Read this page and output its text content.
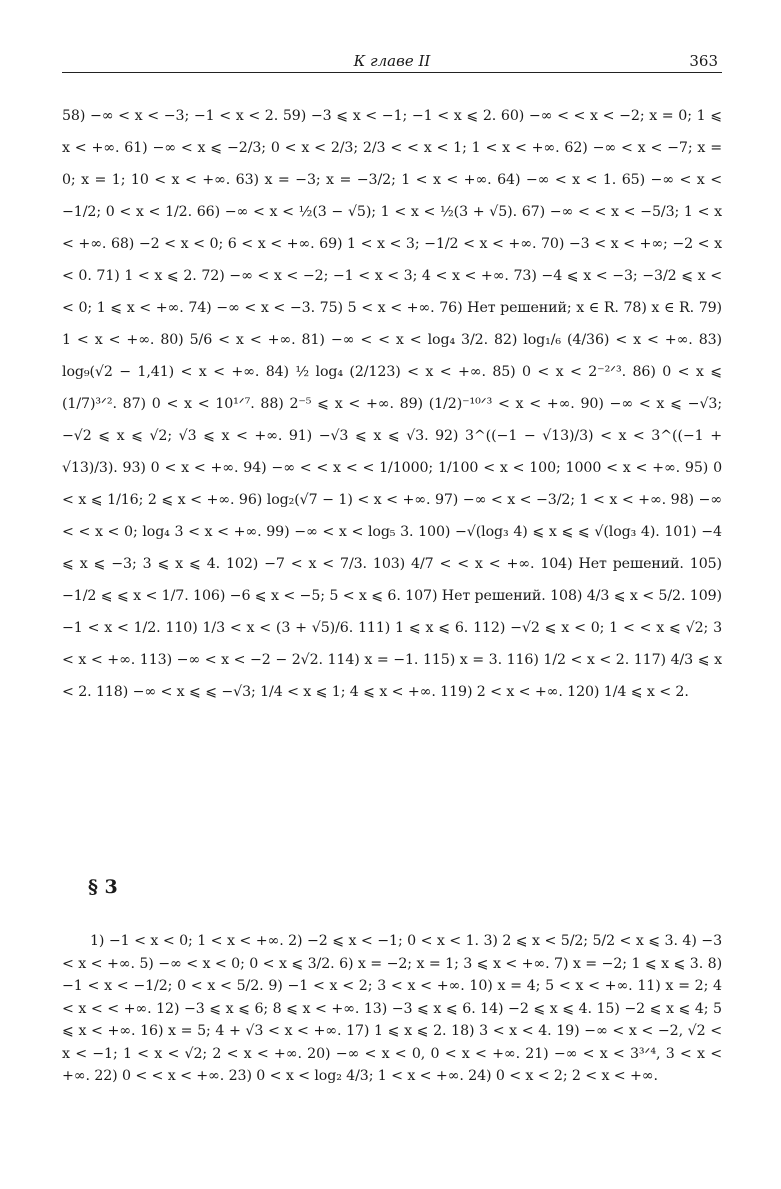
К главе II	363

58) −∞ < x < −3; −1 < x < 2. 59) −3 ⩽ x < −1; −1 < x ⩽ 2. 60) −∞ < < x < −2; x = 0; 1 ⩽ x < +∞. 61) −∞ < x ⩽ −2/3; 0 < x < 2/3; 2/3 < < x < 1; 1 < x < +∞. 62) −∞ < x < −7; x = 0; x = 1; 10 < x < +∞. 63) x = −3; x = −3/2; 1 < x < +∞. 64) −∞ < x < 1. 65) −∞ < x < −1/2; 0 < x < 1/2. 66) −∞ < x < ½(3 − √5); 1 < x < ½(3 + √5). 67) −∞ < < x < −5/3; 1 < x < +∞. 68) −2 < x < 0; 6 < x < +∞. 69) 1 < x < 3; −1/2 < x < +∞. 70) −3 < x < +∞; −2 < x < 0. 71) 1 < x ⩽ 2. 72) −∞ < x < −2; −1 < x < 3; 4 < x < +∞. 73) −4 ⩽ x < −3; −3/2 ⩽ x < < 0; 1 ⩽ x < +∞. 74) −∞ < x < −3. 75) 5 < x < +∞. 76) Нет решений; x ∈ R. 78) x ∈ R. 79) 1 < x < +∞. 80) 5/6 < x < +∞. 81) −∞ < < x < log₄ 3/2. 82) log₁/₆ (4/36) < x < +∞. 83) log₉(√2 − 1,41) < x < +∞. 84) ½ log₄ (2/123) < x < +∞. 85) 0 < x < 2⁻²ᐟ³. 86) 0 < x ⩽ (1/7)³ᐟ². 87) 0 < x < 10¹ᐟ⁷. 88) 2⁻⁵ ⩽ x < +∞. 89) (1/2)⁻¹⁰ᐟ³ < x < +∞. 90) −∞ < x ⩽ −√3; −√2 ⩽ x ⩽ √2; √3 ⩽ x < +∞. 91) −√3 ⩽ x ⩽ √3. 92) 3^((−1 − √13)/3) < x < 3^((−1 + √13)/3). 93) 0 < x < +∞. 94) −∞ < < x < < 1/1000; 1/100 < x < 100; 1000 < x < +∞. 95) 0 < x ⩽ 1/16; 2 ⩽ x < +∞. 96) log₂(√7 − 1) < x < +∞. 97) −∞ < x < −3/2; 1 < x < +∞. 98) −∞ < < x < 0; log₄ 3 < x < +∞. 99) −∞ < x < log₅ 3. 100) −√(log₃ 4) ⩽ x ⩽ ⩽ √(log₃ 4). 101) −4 ⩽ x ⩽ −3; 3 ⩽ x ⩽ 4. 102) −7 < x < 7/3. 103) 4/7 < < x < +∞. 104) Нет решений. 105) −1/2 ⩽ ⩽ x < 1/7. 106) −6 ⩽ x < −5; 5 < x ⩽ 6. 107) Нет решений. 108) 4/3 ⩽ x < 5/2. 109) −1 < x < 1/2. 110) 1/3 < x < (3 + √5)/6. 111) 1 ⩽ x ⩽ 6. 112) −√2 ⩽ x < 0; 1 < < x ⩽ √2; 3 < x < +∞. 113) −∞ < x < −2 − 2√2. 114) x = −1. 115) x = 3. 116) 1/2 < x < 2. 117) 4/3 ⩽ x < 2. 118) −∞ < x ⩽ ⩽ −√3; 1/4 < x ⩽ 1; 4 ⩽ x < +∞. 119) 2 < x < +∞. 120) 1/4 ⩽ x < 2.

§ 3

1) −1 < x < 0; 1 < x < +∞. 2) −2 ⩽ x < −1; 0 < x < 1. 3) 2 ⩽ x < 5/2; 5/2 < x ⩽ 3. 4) −3 < x < +∞. 5) −∞ < x < 0; 0 < x ⩽ 3/2. 6) x = −2; x = 1; 3 ⩽ x < +∞. 7) x = −2; 1 ⩽ x ⩽ 3. 8) −1 < x < −1/2; 0 < x < 5/2. 9) −1 < x < 2; 3 < x < +∞. 10) x = 4; 5 < x < +∞. 11) x = 2; 4 < x < < +∞. 12) −3 ⩽ x ⩽ 6; 8 ⩽ x < +∞. 13) −3 ⩽ x ⩽ 6. 14) −2 ⩽ x ⩽ 4. 15) −2 ⩽ x ⩽ 4; 5 ⩽ x < +∞. 16) x = 5; 4 + √3 < x < +∞. 17) 1 ⩽ x ⩽ 2. 18) 3 < x < 4. 19) −∞ < x < −2, √2 < x < −1; 1 < x < √2; 2 < x < +∞. 20) −∞ < x < 0, 0 < x < +∞. 21) −∞ < x < 3³ᐟ⁴, 3 < x < +∞. 22) 0 < < x < +∞. 23) 0 < x < log₂ 4/3; 1 < x < +∞. 24) 0 < x < 2; 2 < x < +∞.
